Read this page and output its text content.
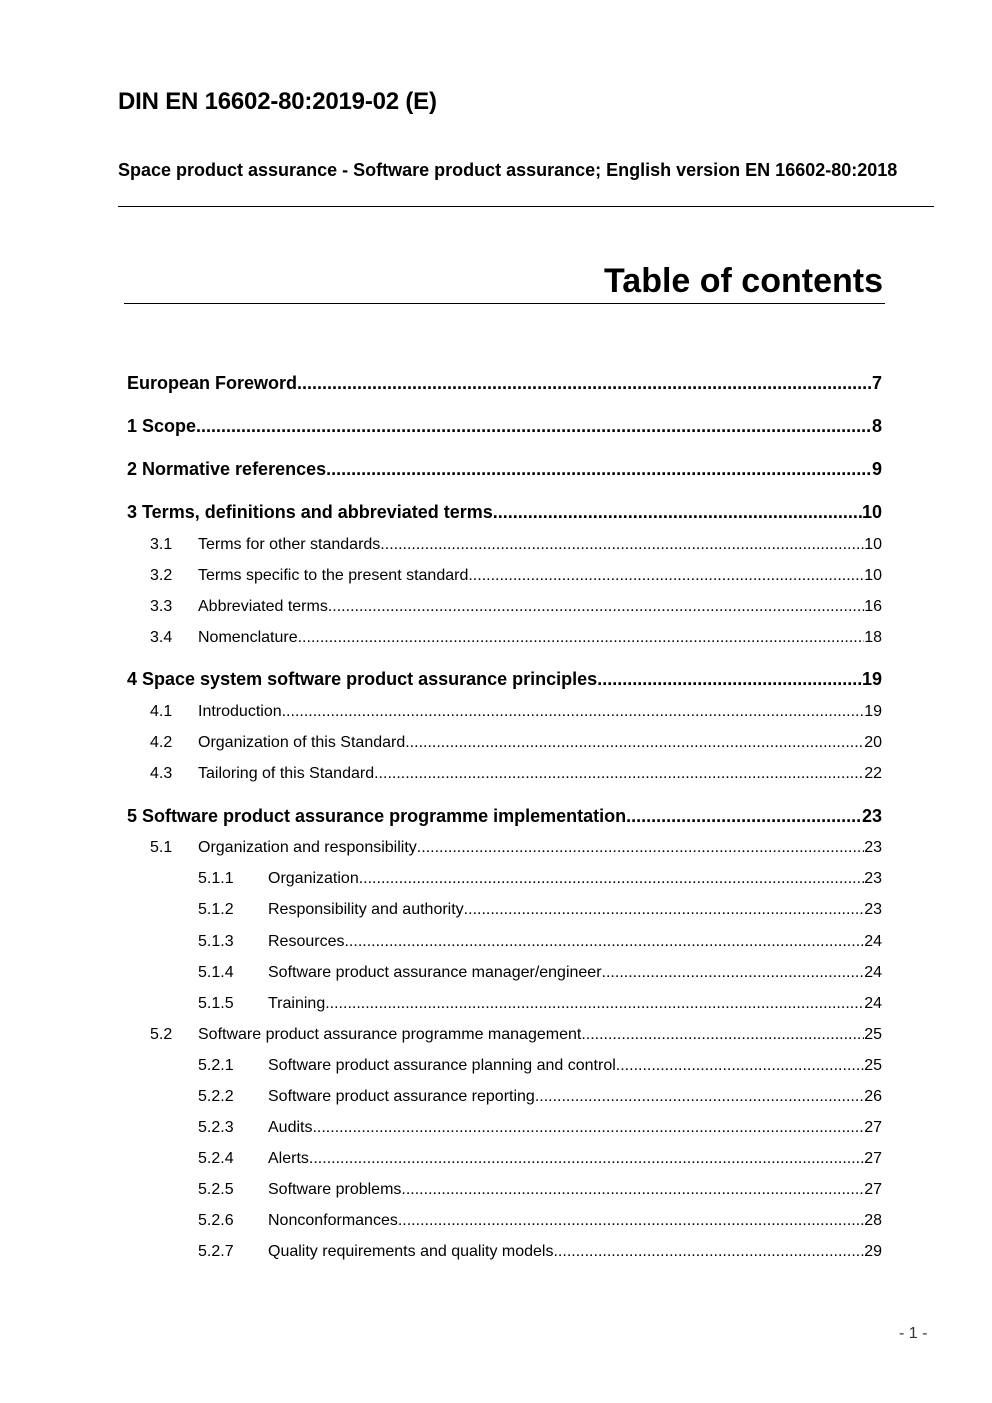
DIN EN 16602-80:2019-02 (E)
Space product assurance - Software product assurance; English version EN 16602-80:2018
Table of contents
European Foreword .....	7
1 Scope .....	8
2 Normative references .....	9
3 Terms, definitions and abbreviated terms .....	10
3.1	Terms for other standards .....	10
3.2	Terms specific to the present standard .....	10
3.3	Abbreviated terms .....	16
3.4	Nomenclature .....	18
4 Space system software product assurance principles .....	19
4.1	Introduction .....	19
4.2	Organization of this Standard .....	20
4.3	Tailoring of this Standard .....	22
5 Software product assurance programme implementation .....	23
5.1	Organization and responsibility .....	23
5.1.1	Organization .....	23
5.1.2	Responsibility and authority .....	23
5.1.3	Resources .....	24
5.1.4	Software product assurance manager/engineer .....	24
5.1.5	Training .....	24
5.2	Software product assurance programme management .....	25
5.2.1	Software product assurance planning and control .....	25
5.2.2	Software product assurance reporting .....	26
5.2.3	Audits .....	27
5.2.4	Alerts .....	27
5.2.5	Software problems .....	27
5.2.6	Nonconformances .....	28
5.2.7	Quality requirements and quality models .....	29
- 1 -
